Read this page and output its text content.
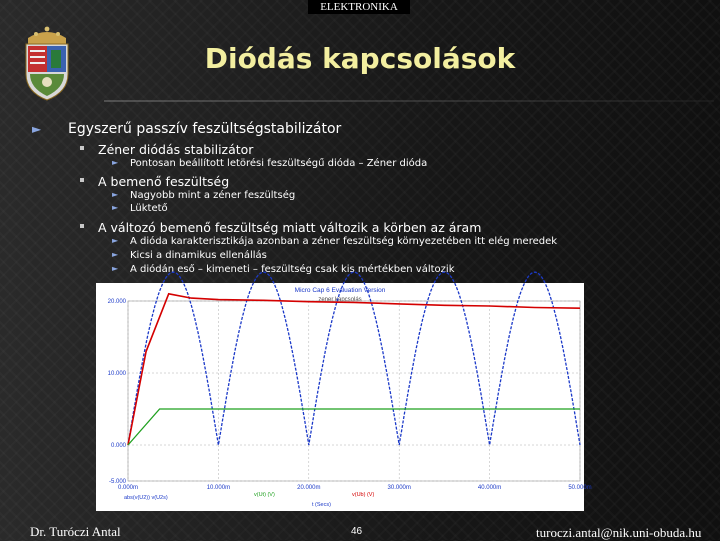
ELEKTRONIKA
Diódás kapcsolások
► Egyszerű passzív feszültségstabilizátor
Zéner diódás stabilizátor
► Pontosan beállított letörési feszültségű dióda – Zéner dióda
A bemenő feszültség
► Nagyobb mint a zéner feszültség
► Lüktető
A változó bemenő feszültség miatt változik a körben az áram
► A dióda karakterisztikája azonban a zéner feszültség környezetében itt elég meredek
► Kicsi a dinamikus ellenállás
► A diódán eső – kimeneti – feszültség csak kis mértékben változik
Micro Cap 6 Evaluation Version
zener kapcsolás
20.000
10.000
0.000
-5.000
0.000m	10.000m	20.000m	30.000m	40.000m	50.000m
abs(v(U2)) v(U2s)	v(Ut) (V)	v(Ub) (V)
t (Secs)
Dr. Turóczi Antal	46	turoczi.antal@nik.uni-obuda.hu
